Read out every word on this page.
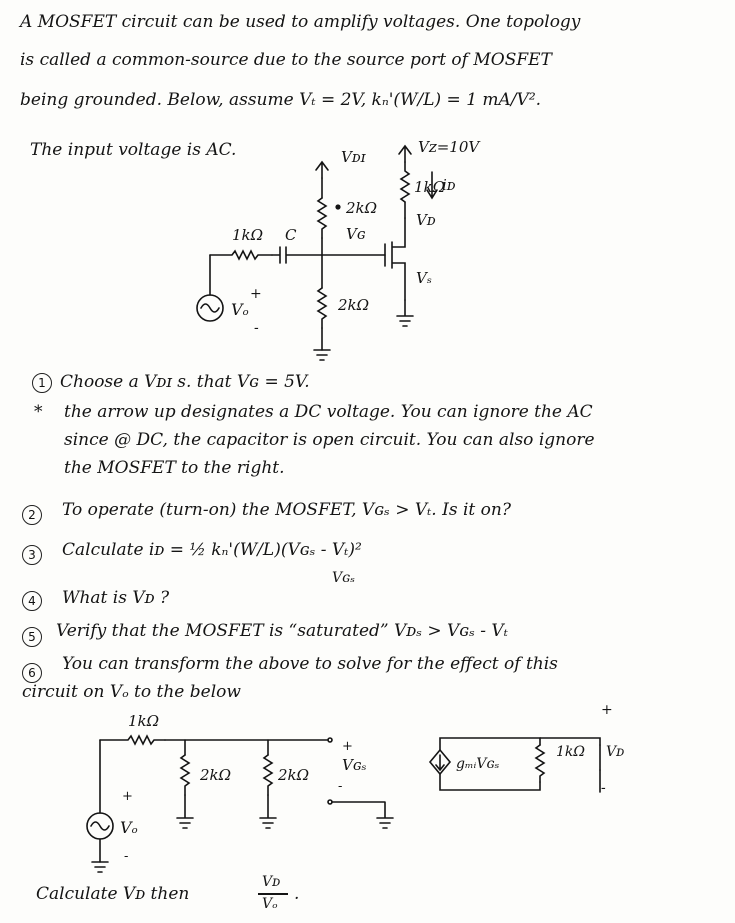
A MOSFET circuit can be used to amplify voltages. One topology
is called a common-source due to the source port of MOSFET
being grounded. Below, assume Vₜ = 2V, kₙ'(W/L) = 1 mA/V².
The input voltage is AC.	Vᴅɪ
2kΩ
Vɢ
2kΩ
1kΩ C
Vₒ
+
-
Vᴢ=10V
1kΩ
iᴅ
Vᴅ
Vₛ
1 Choose a Vᴅɪ s. that Vɢ = 5V.
* the arrow up designates a DC voltage. You can ignore the AC
since @ DC, the capacitor is open circuit. You can also ignore
the MOSFET to the right.
2	To operate (turn-on) the MOSFET, Vɢₛ > Vₜ. Is it on?
3	Calculate iᴅ = ½ kₙ'(W/L)(Vɢₛ - Vₜ)²
Vɢₛ
4	What is Vᴅ ?
5	Verify that the MOSFET is “saturated” Vᴅₛ > Vɢₛ - Vₜ
6	You can transform the above to solve for the effect of this
circuit on Vₒ to the below
1kΩ
Vₒ
+
-
2kΩ	2kΩ
+
Vɢₛ
-
gₘᵢVɢₛ
1kΩ Vᴅ
+
-
Calculate Vᴅ then
Vᴅ
Vₒ .
